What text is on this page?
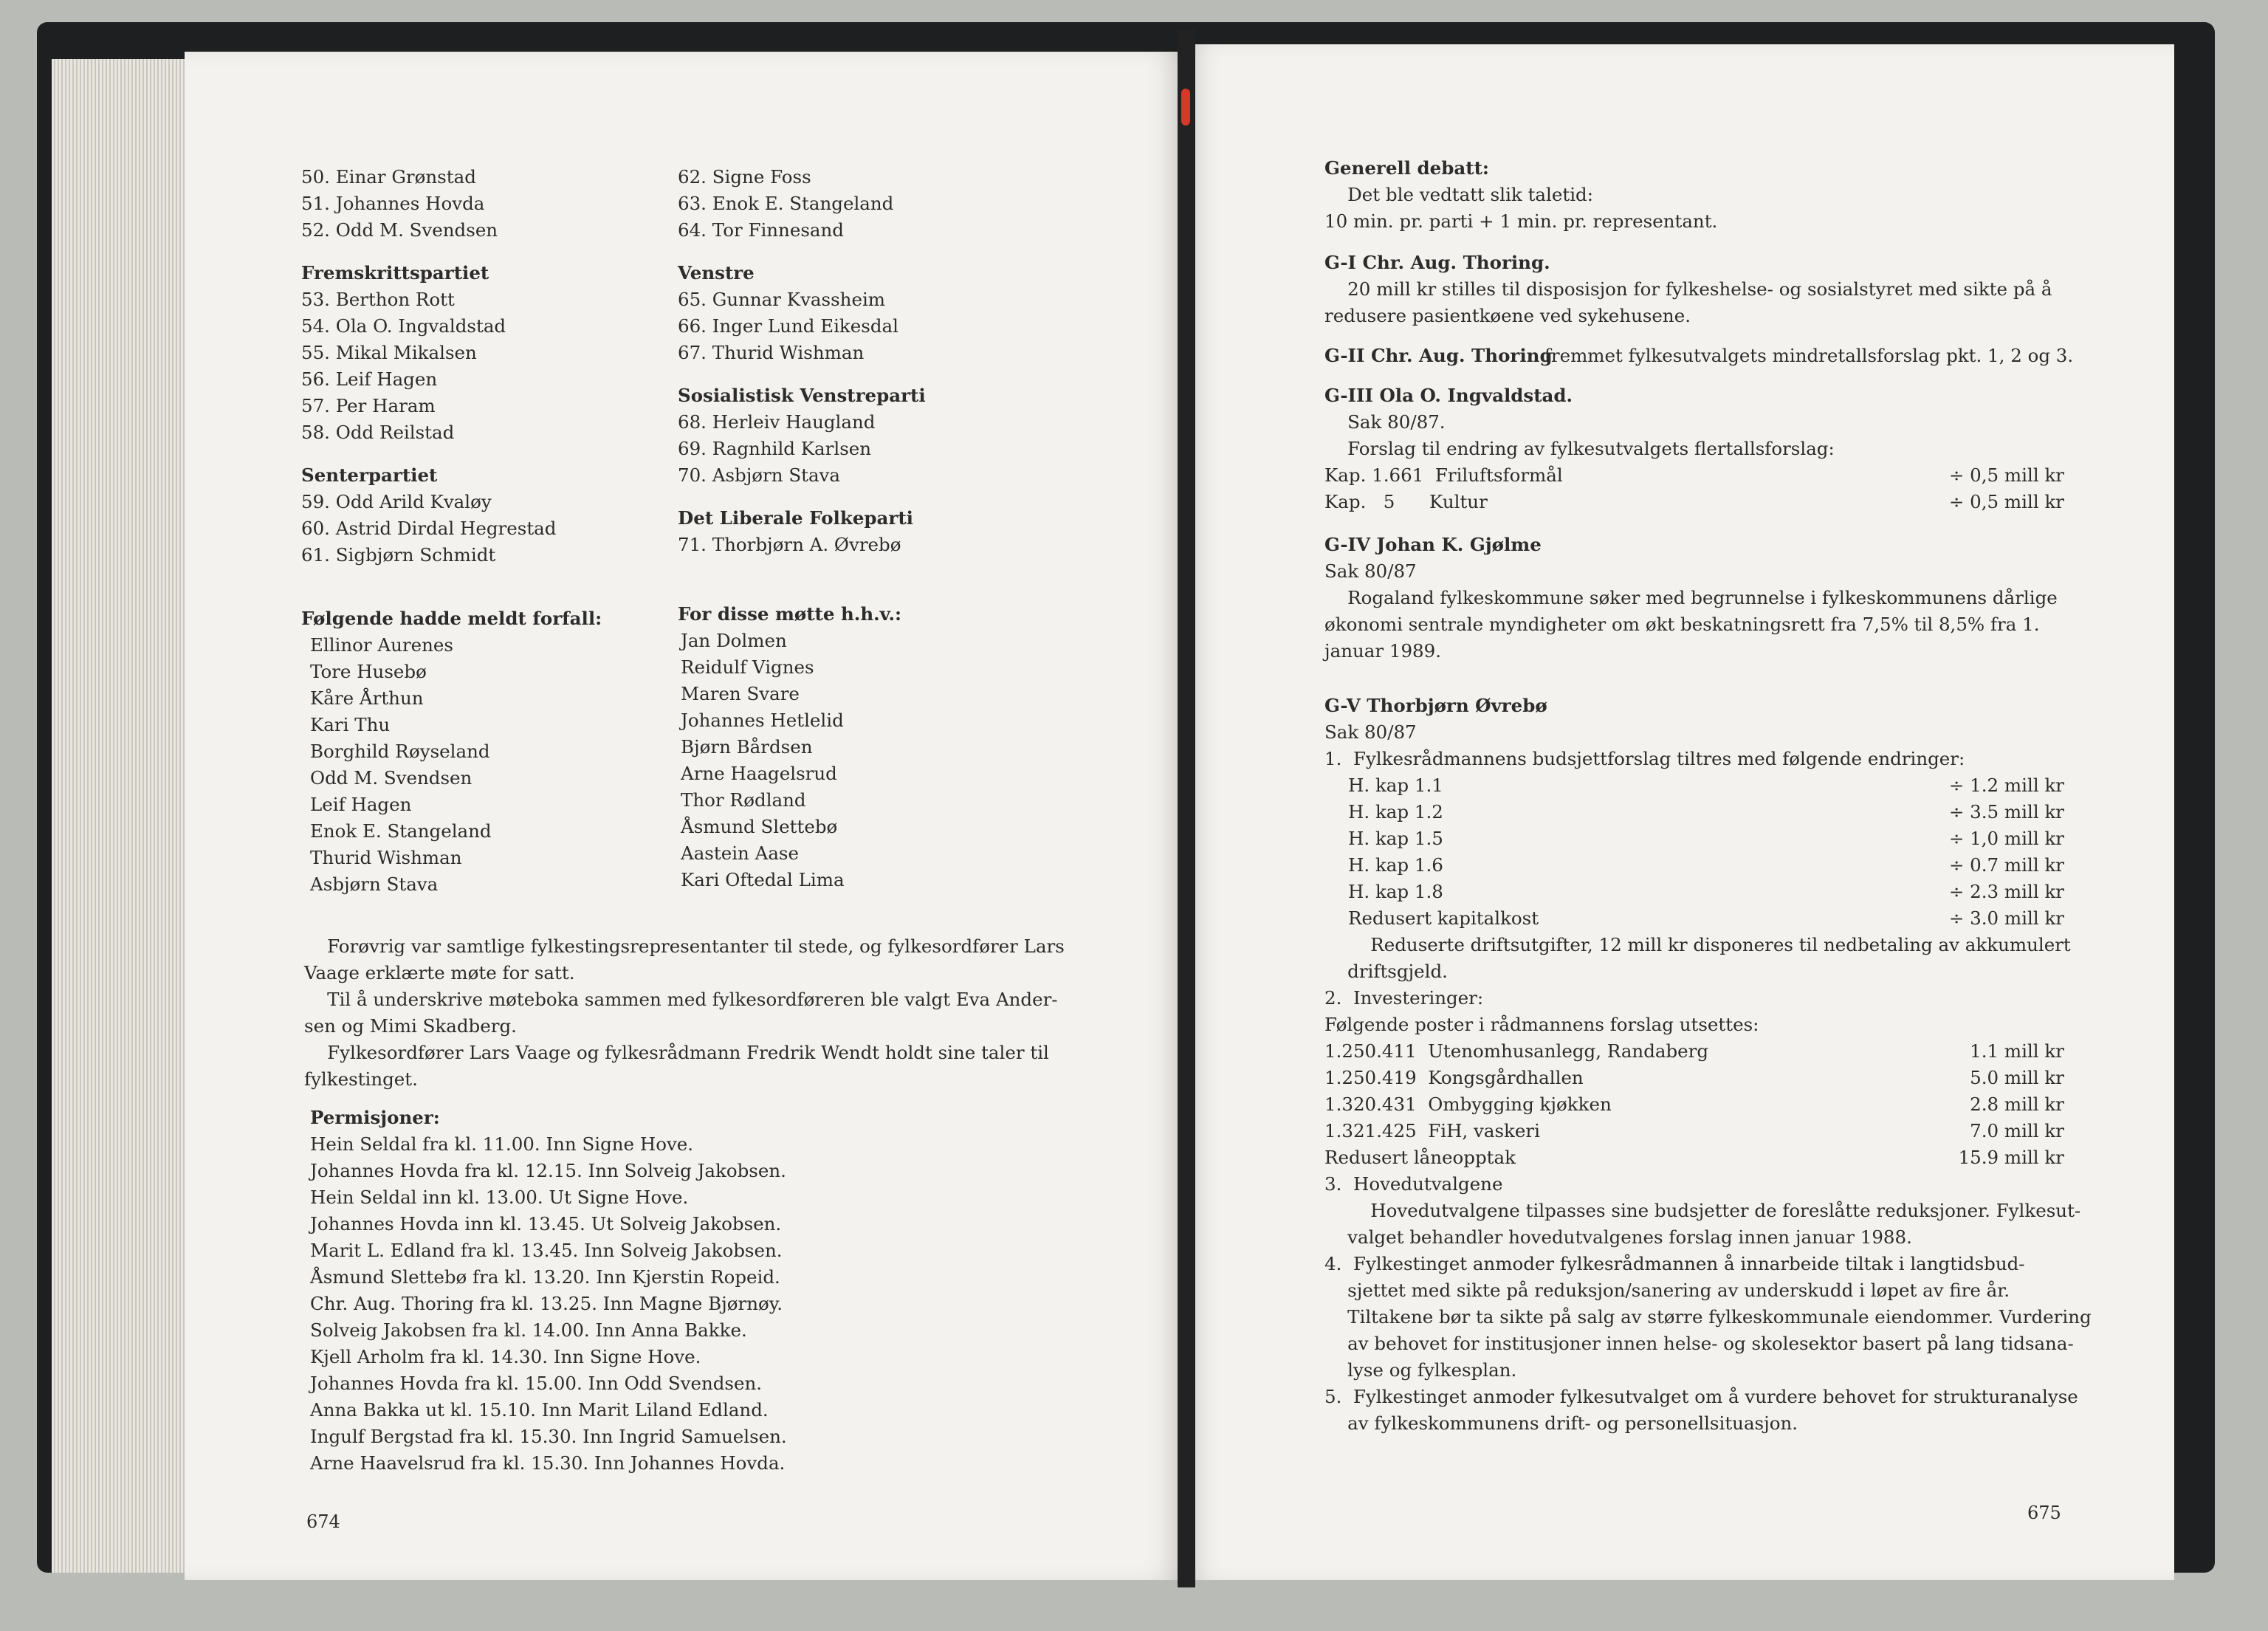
50. Einar Grønstad
51. Johannes Hovda
52. Odd M. Svendsen
Fremskrittspartiet
53. Berthon Rott
54. Ola O. Ingvaldstad
55. Mikal Mikalsen
56. Leif Hagen
57. Per Haram
58. Odd Reilstad
Senterpartiet
59. Odd Arild Kvaløy
60. Astrid Dirdal Hegrestad
61. Sigbjørn Schmidt
Følgende hadde meldt forfall:
Ellinor Aurenes
Tore Husebø
Kåre Årthun
Kari Thu
Borghild Røyseland
Odd M. Svendsen
Leif Hagen
Enok E. Stangeland
Thurid Wishman
Asbjørn Stava
62. Signe Foss
63. Enok E. Stangeland
64. Tor Finnesand
Venstre
65. Gunnar Kvassheim
66. Inger Lund Eikesdal
67. Thurid Wishman
Sosialistisk Venstreparti
68. Herleiv Haugland
69. Ragnhild Karlsen
70. Asbjørn Stava
Det Liberale Folkeparti
71. Thorbjørn A. Øvrebø
For disse møtte h.h.v.:
Jan Dolmen
Reidulf Vignes
Maren Svare
Johannes Hetlelid
Bjørn Bårdsen
Arne Haagelsrud
Thor Rødland
Åsmund Slettebø
Aastein Aase
Kari Oftedal Lima
Forøvrig var samtlige fylkestingsrepresentanter til stede, og fylkesordfører Lars
Vaage erklærte møte for satt.
Til å underskrive møteboka sammen med fylkesordføreren ble valgt Eva Ander-
sen og Mimi Skadberg.
Fylkesordfører Lars Vaage og fylkesrådmann Fredrik Wendt holdt sine taler til
fylkestinget.
Permisjoner:
Hein Seldal fra kl. 11.00. Inn Signe Hove.
Johannes Hovda fra kl. 12.15. Inn Solveig Jakobsen.
Hein Seldal inn kl. 13.00. Ut Signe Hove.
Johannes Hovda inn kl. 13.45. Ut Solveig Jakobsen.
Marit L. Edland fra kl. 13.45. Inn Solveig Jakobsen.
Åsmund Slettebø fra kl. 13.20. Inn Kjerstin Ropeid.
Chr. Aug. Thoring fra kl. 13.25. Inn Magne Bjørnøy.
Solveig Jakobsen fra kl. 14.00. Inn Anna Bakke.
Kjell Arholm fra kl. 14.30. Inn Signe Hove.
Johannes Hovda fra kl. 15.00. Inn Odd Svendsen.
Anna Bakka ut kl. 15.10. Inn Marit Liland Edland.
Ingulf Bergstad fra kl. 15.30. Inn Ingrid Samuelsen.
Arne Haavelsrud fra kl. 15.30. Inn Johannes Hovda.
674
Generell debatt:
Det ble vedtatt slik taletid:
10 min. pr. parti + 1 min. pr. representant.
G-I Chr. Aug. Thoring.
20 mill kr stilles til disposisjon for fylkeshelse- og sosialstyret med sikte på å
redusere pasientkøene ved sykehusene.
G-II Chr. Aug. Thoring
fremmet fylkesutvalgets mindretallsforslag pkt. 1, 2 og 3.
G-III Ola O. Ingvaldstad.
Sak 80/87.
Forslag til endring av fylkesutvalgets flertallsforslag:
Kap. 1.661  Friluftsformål	÷ 0,5 mill kr
Kap.   5      Kultur	÷ 0,5 mill kr
G-IV Johan K. Gjølme
Sak 80/87
Rogaland fylkeskommune søker med begrunnelse i fylkeskommunens dårlige
økonomi sentrale myndigheter om økt beskatningsrett fra 7,5% til 8,5% fra 1.
januar 1989.
G-V Thorbjørn Øvrebø
Sak 80/87
1.  Fylkesrådmannens budsjettforslag tiltres med følgende endringer:
H. kap 1.1	÷ 1.2 mill kr
H. kap 1.2	÷ 3.5 mill kr
H. kap 1.5	÷ 1,0 mill kr
H. kap 1.6	÷ 0.7 mill kr
H. kap 1.8	÷ 2.3 mill kr
Redusert kapitalkost	÷ 3.0 mill kr
Reduserte driftsutgifter, 12 mill kr disponeres til nedbetaling av akkumulert
driftsgjeld.
2.  Investeringer:
Følgende poster i rådmannens forslag utsettes:
1.250.411  Utenomhusanlegg, Randaberg	1.1 mill kr
1.250.419  Kongsgårdhallen	5.0 mill kr
1.320.431  Ombygging kjøkken	2.8 mill kr
1.321.425  FiH, vaskeri	7.0 mill kr
Redusert låneopptak	15.9 mill kr
3.  Hovedutvalgene
Hovedutvalgene tilpasses sine budsjetter de foreslåtte reduksjoner. Fylkesut-
valget behandler hovedutvalgenes forslag innen januar 1988.
4.  Fylkestinget anmoder fylkesrådmannen å innarbeide tiltak i langtidsbud-
sjettet med sikte på reduksjon/sanering av underskudd i løpet av fire år.
Tiltakene bør ta sikte på salg av større fylkeskommunale eiendommer. Vurdering
av behovet for institusjoner innen helse- og skolesektor basert på lang tidsana-
lyse og fylkesplan.
5.  Fylkestinget anmoder fylkesutvalget om å vurdere behovet for strukturanalyse
av fylkeskommunens drift- og personellsituasjon.
675
